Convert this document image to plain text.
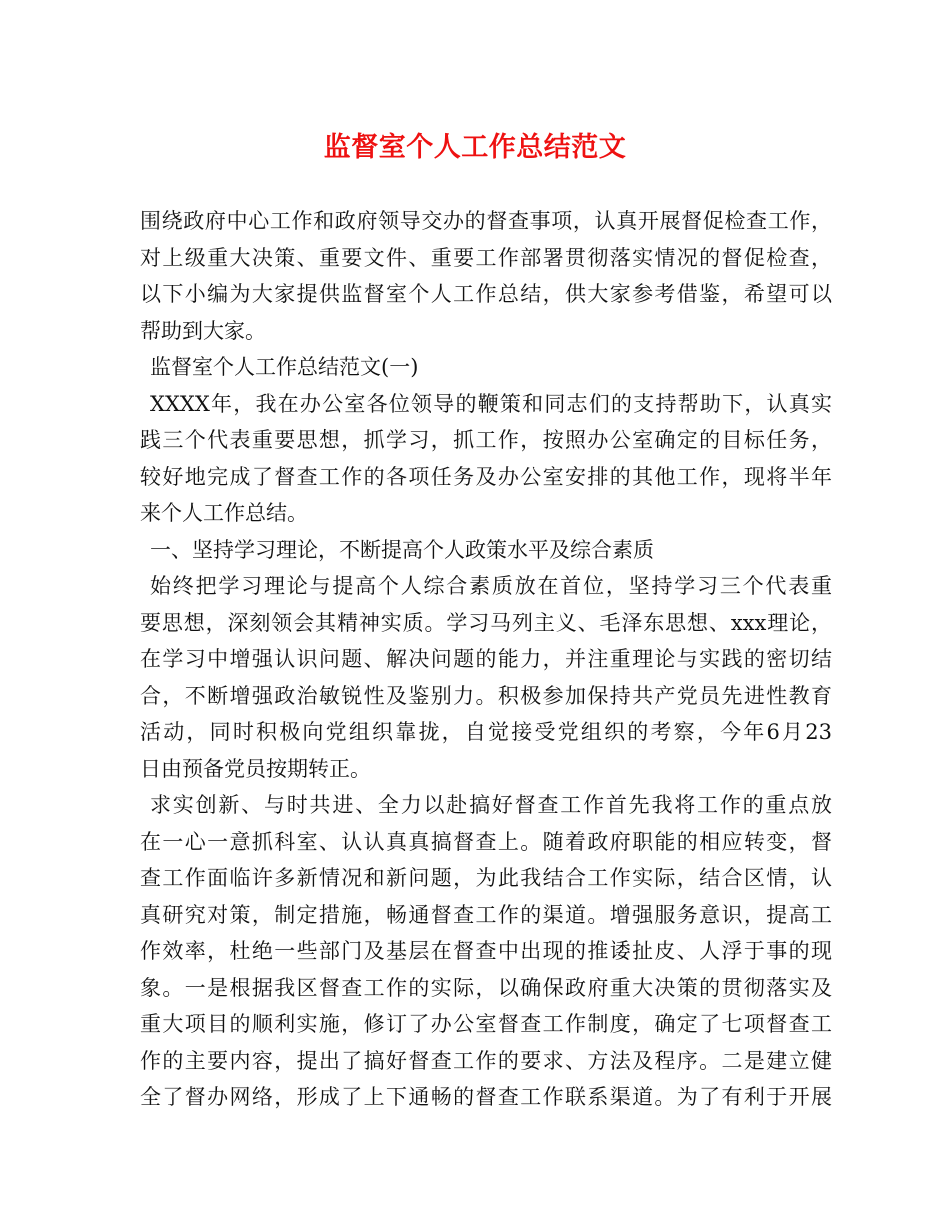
监督室个人工作总结范文
围绕政府中心工作和政府领导交办的督查事项，认真开展督促检查工作，
对上级重大决策、重要文件、重要工作部署贯彻落实情况的督促检查，
以下小编为大家提供监督室个人工作总结，供大家参考借鉴，希望可以
帮助到大家。
监督室个人工作总结范文(一)
XXXX年，我在办公室各位领导的鞭策和同志们的支持帮助下，认真实
践三个代表重要思想，抓学习，抓工作，按照办公室确定的目标任务，
较好地完成了督查工作的各项任务及办公室安排的其他工作，现将半年
来个人工作总结。
一、坚持学习理论，不断提高个人政策水平及综合素质
始终把学习理论与提高个人综合素质放在首位，坚持学习三个代表重
要思想，深刻领会其精神实质。学习马列主义、毛泽东思想、xxx理论，
在学习中增强认识问题、解决问题的能力，并注重理论与实践的密切结
合，不断增强政治敏锐性及鉴别力。积极参加保持共产党员先进性教育
活动，同时积极向党组织靠拢，自觉接受党组织的考察，今年6月23
日由预备党员按期转正。
求实创新、与时共进、全力以赴搞好督查工作首先我将工作的重点放
在一心一意抓科室、认认真真搞督查上。随着政府职能的相应转变，督
查工作面临许多新情况和新问题，为此我结合工作实际，结合区情，认
真研究对策，制定措施，畅通督查工作的渠道。增强服务意识，提高工
作效率，杜绝一些部门及基层在督查中出现的推诿扯皮、人浮于事的现
象。一是根据我区督查工作的实际，以确保政府重大决策的贯彻落实及
重大项目的顺利实施，修订了办公室督查工作制度，确定了七项督查工
作的主要内容，提出了搞好督查工作的要求、方法及程序。二是建立健
全了督办网络，形成了上下通畅的督查工作联系渠道。为了有利于开展
